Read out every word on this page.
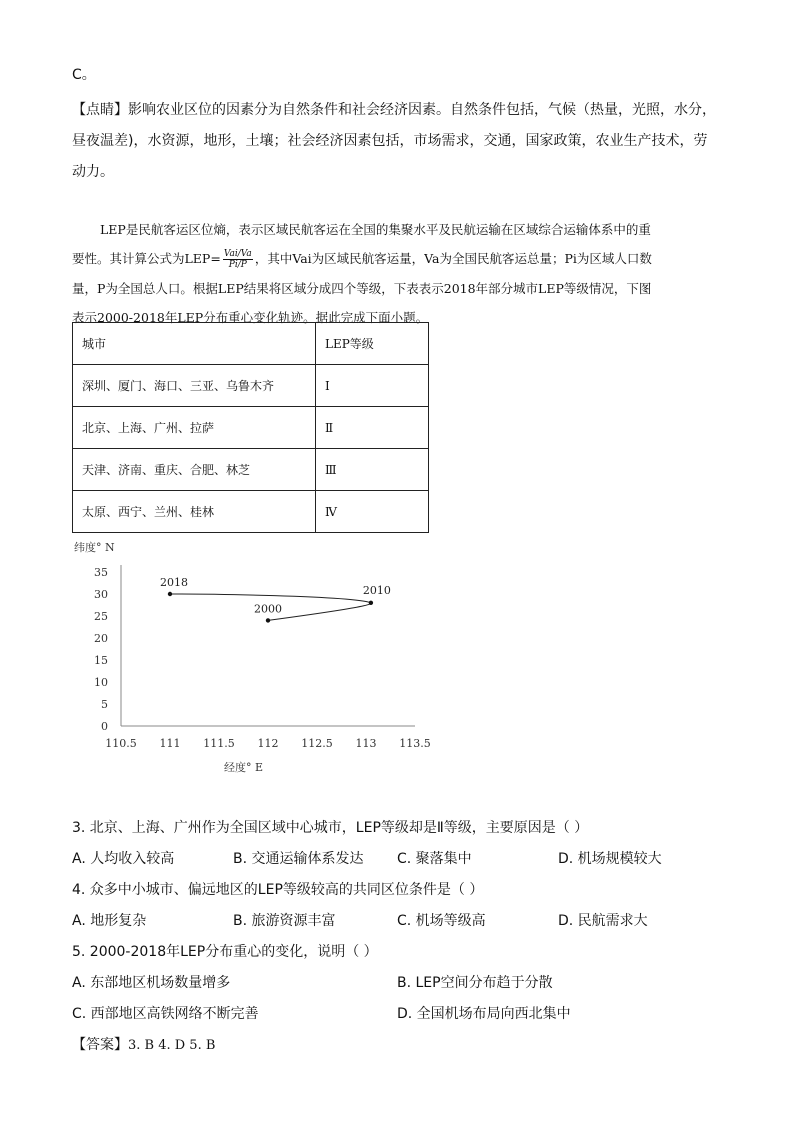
C。
【点睛】影响农业区位的因素分为自然条件和社会经济因素。自然条件包括，气候（热量，光照，水分，
昼夜温差)，水资源，地形，土壤；社会经济因素包括，市场需求，交通，国家政策，农业生产技术，劳
动力。
LEP是民航客运区位熵，表示区域民航客运在全国的集聚水平及民航运输在区域综合运输体系中的重
要性。其计算公式为LEP= Vai/Va
Pi/P ，其中Vai为区域民航客运量，Va为全国民航客运总量；Pi为区域人口数
量，P为全国总人口。根据LEP结果将区域分成四个等级，下表表示2018年部分城市LEP等级情况，下图
表示2000-2018年LEP分布重心变化轨迹。据此完成下面小题。
城市	LEP等级
深圳、厦门、海口、三亚、乌鲁木齐	Ⅰ
北京、上海、广州、拉萨	Ⅱ
天津、济南、重庆、合肥、林芝	Ⅲ
太原、西宁、兰州、桂林	Ⅳ
纬度° N
经度° E
0
5
10
15
20
25
30
35
110.5 111 111.5 112 112.5 113 113.5
2000
2010
2018
3. 北京、上海、广州作为全国区域中心城市，LEP等级却是Ⅱ等级，主要原因是（ ）
A. 人均收入较高	B. 交通运输体系发达 C. 聚落集中	D. 机场规模较大
4. 众多中小城市、偏远地区的LEP等级较高的共同区位条件是（ ）
A. 地形复杂	B. 旅游资源丰富	C. 机场等级高	D. 民航需求大
5. 2000-2018年LEP分布重心的变化，说明（ ）
A. 东部地区机场数量增多	B. LEP空间分布趋于分散
C. 西部地区高铁网络不断完善	D. 全国机场布局向西北集中
【答案】3. B 4. D 5. B
